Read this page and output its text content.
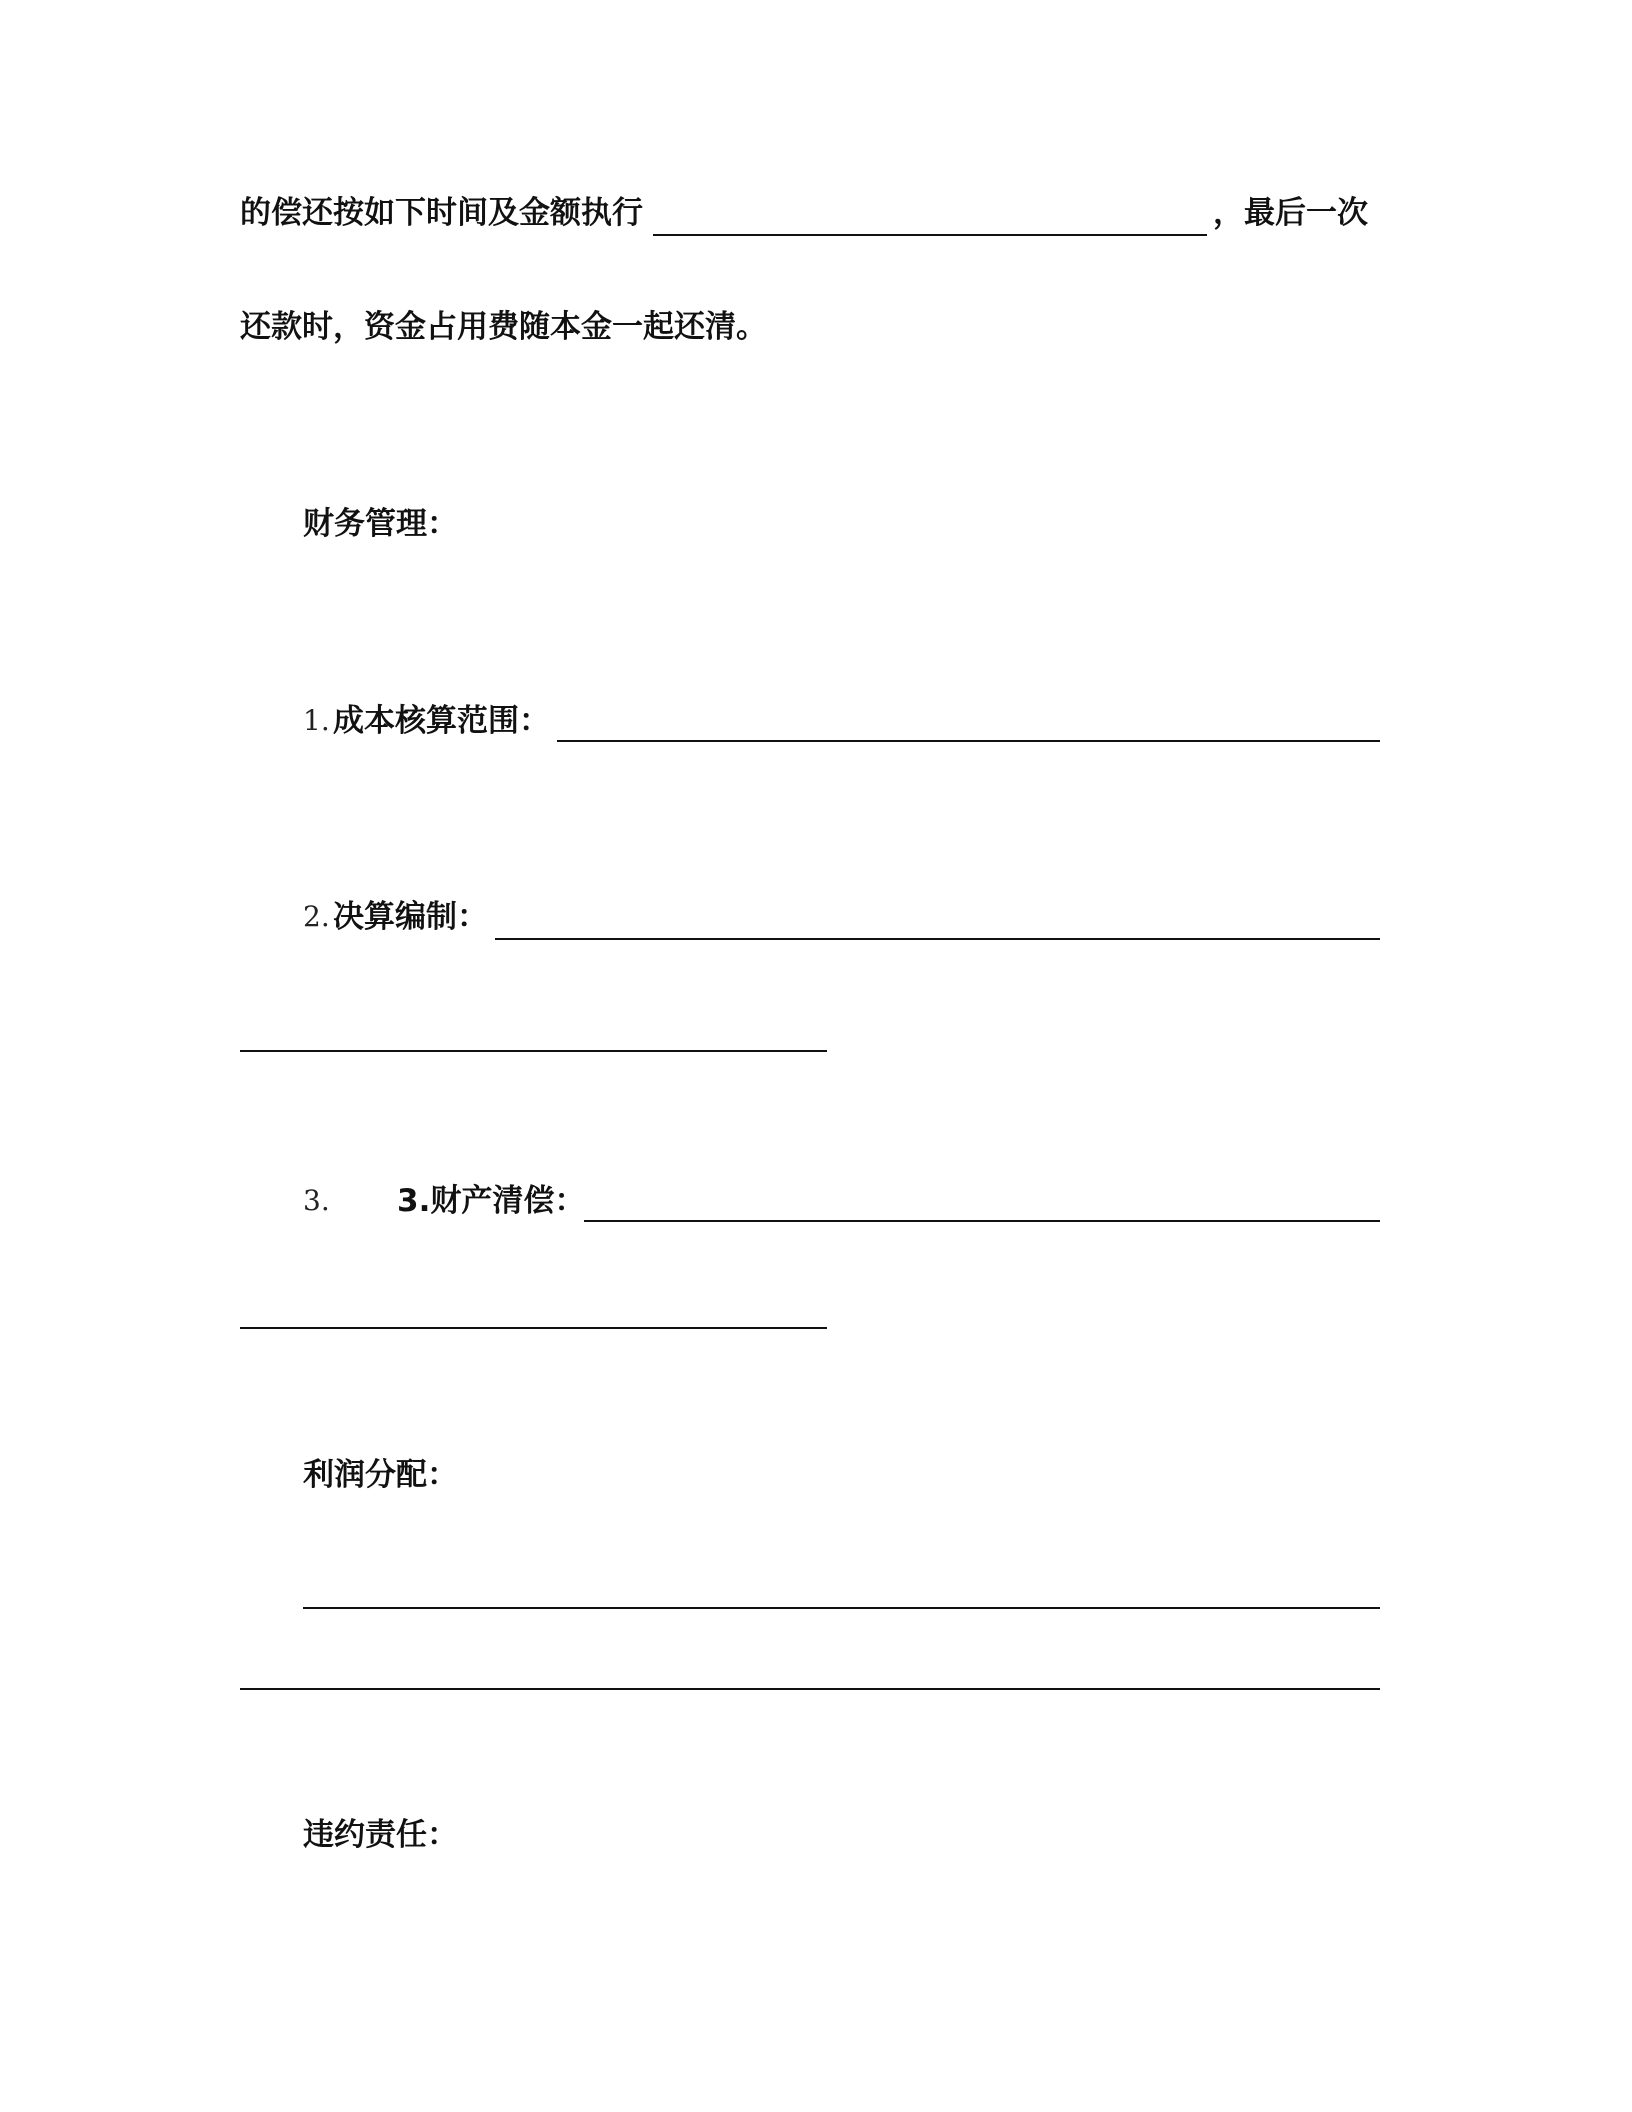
的偿还按如下时间及金额执行	，最后一次
还款时，资金占用费随本金一起还清。
财务管理：
1. 成本核算范围：
2. 决算编制：
3. 3.财产清偿：
利润分配：
违约责任：
